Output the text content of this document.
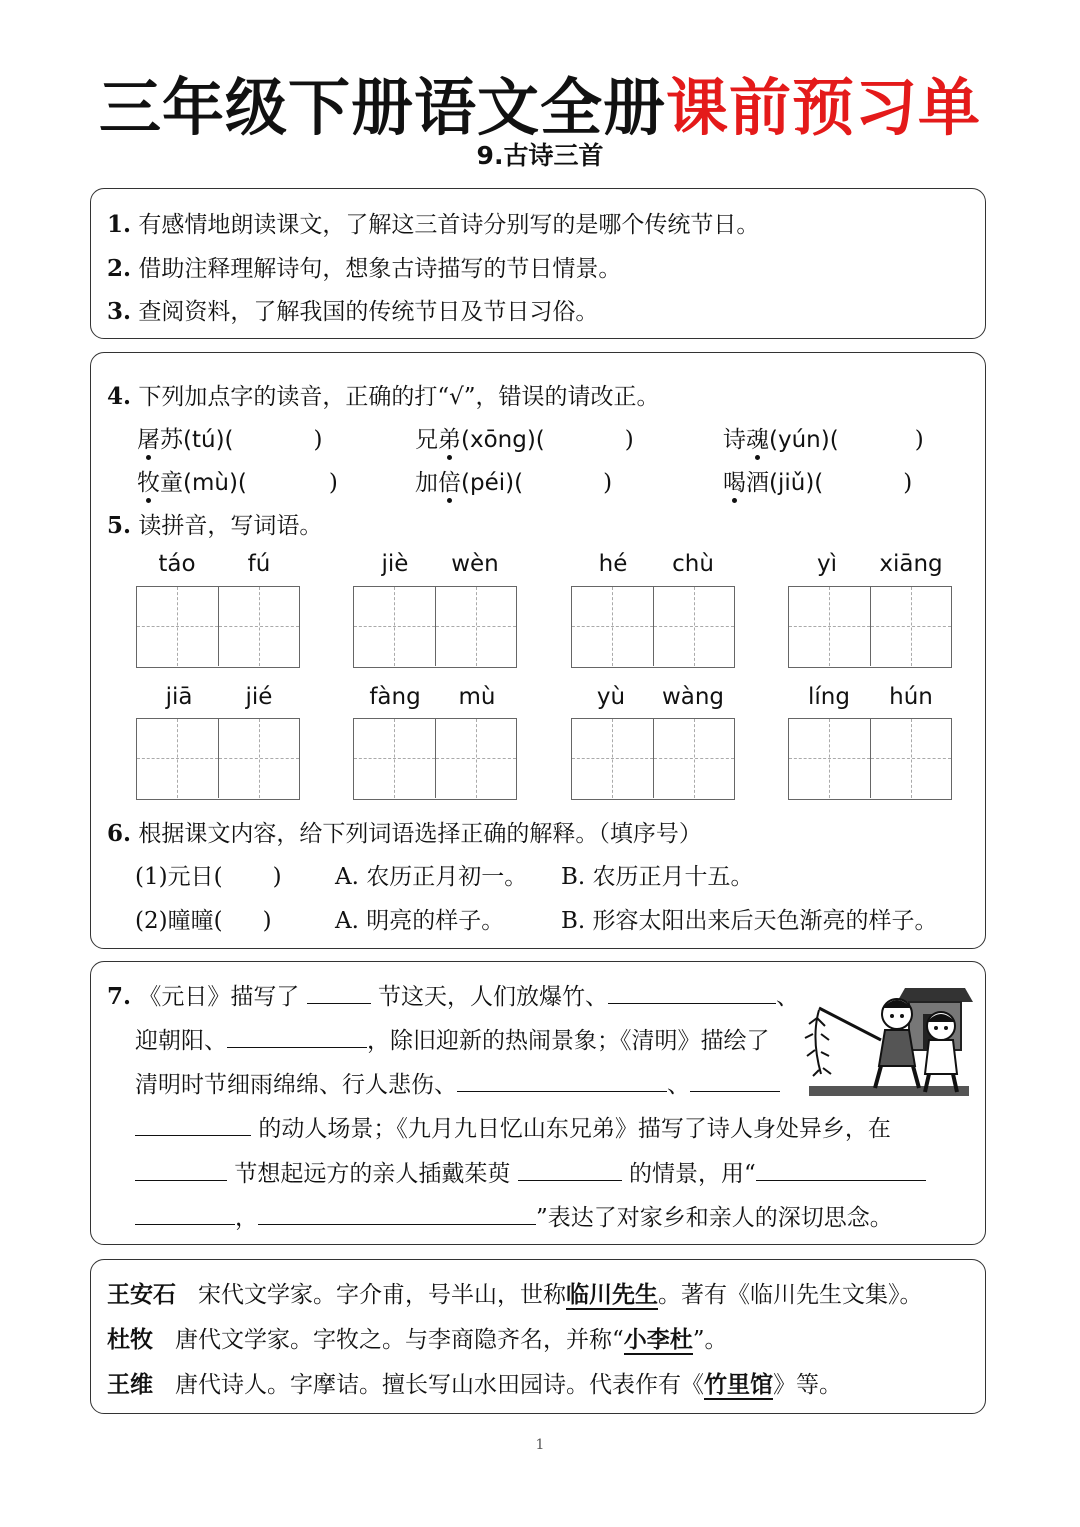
三年级下册语文全册课前预习单
9.古诗三首
1. 有感情地朗读课文，了解这三首诗分别写的是哪个传统节日。
2. 借助注释理解诗句，想象古诗描写的节日情景。
3. 查阅资料，了解我国的传统节日及节日习俗。
4. 下列加点字的读音，正确的打“√”，错误的请改正。
屠苏(tú)(	)	兄弟(xōng)(	)	诗魂(yún)(	)
牧童(mù)(	)	加倍(péi)(	)	喝酒(jiǔ)(	)
5. 读拼音，写词语。
táo	fú	jiè	wèn	hé	chù	yì	xiāng
jiā	jié	fàng	mù	yù	wàng	líng	hún
6. 根据课文内容，给下列词语选择正确的解释。（填序号）
(1)元日( ) A. 农历正月初一。 B. 农历正月十五。
(2)曈曈( )	A. 明亮的样子。 B. 形容太阳出来后天色渐亮的样子。
7. 《元日》描写了	节这天，人们放爆竹、	、
迎朝阳、	，除旧迎新的热闹景象；《清明》描绘了
清明时节细雨绵绵、行人悲伤、	、
的动人场景；《九月九日忆山东兄弟》描写了诗人身处异乡，在
节想起远方的亲人插戴茱萸	的情景，用“
，	”表达了对家乡和亲人的深切思念。
王安石 宋代文学家。字介甫，号半山，世称临川先生。著有《临川先生文集》。
杜牧 唐代文学家。字牧之。与李商隐齐名，并称“小李杜”。
王维 唐代诗人。字摩诘。擅长写山水田园诗。代表作有《竹里馆》等。
1
